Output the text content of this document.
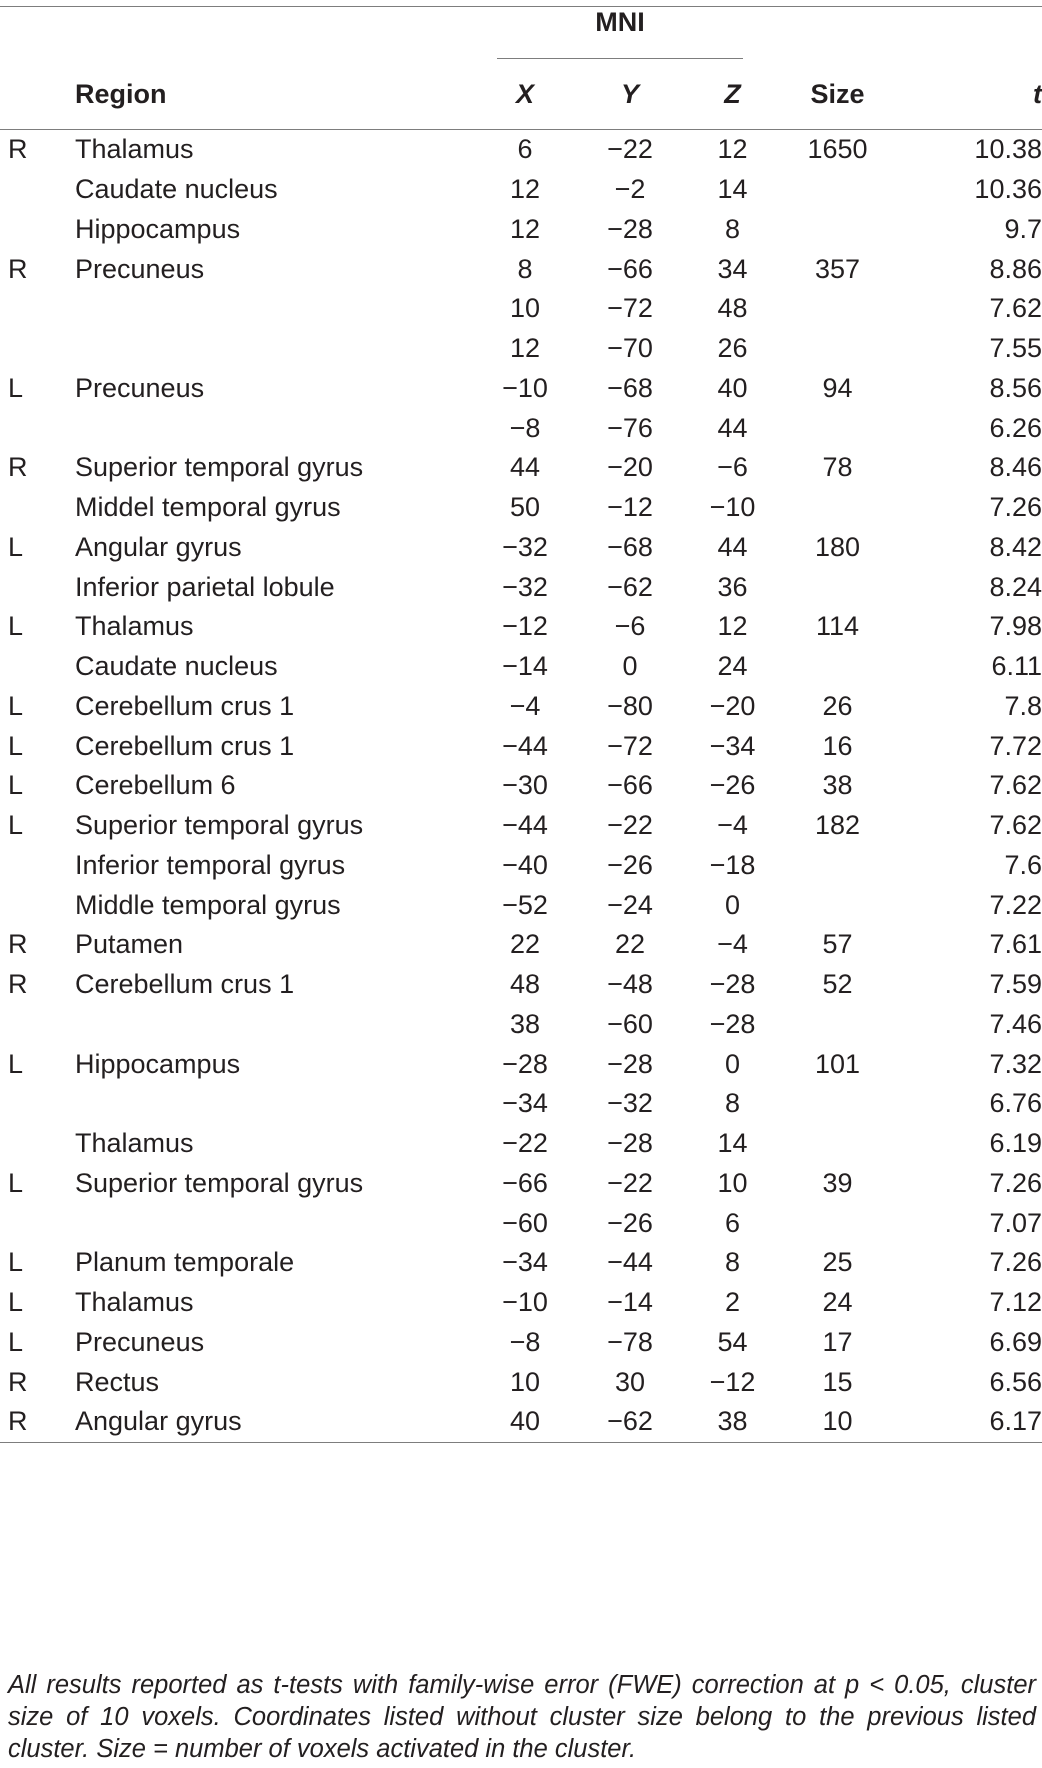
		MNI				

	Region	X	Y	Z	Size	t
R	Thalamus	6	−22	12	1650	10.38
	Caudate nucleus	12	−2	14		10.36
	Hippocampus	12	−28	8		9.7
R	Precuneus	8	−66	34	357	8.86
		10	−72	48		7.62
		12	−70	26		7.55
L	Precuneus	−10	−68	40	94	8.56
		−8	−76	44		6.26
R	Superior temporal gyrus	44	−20	−6	78	8.46
	Middel temporal gyrus	50	−12	−10		7.26
L	Angular gyrus	−32	−68	44	180	8.42
	Inferior parietal lobule	−32	−62	36		8.24
L	Thalamus	−12	−6	12	114	7.98
	Caudate nucleus	−14	0	24		6.11
L	Cerebellum crus 1	−4	−80	−20	26	7.8
L	Cerebellum crus 1	−44	−72	−34	16	7.72
L	Cerebellum 6	−30	−66	−26	38	7.62
L	Superior temporal gyrus	−44	−22	−4	182	7.62
	Inferior temporal gyrus	−40	−26	−18		7.6
	Middle temporal gyrus	−52	−24	0		7.22
R	Putamen	22	22	−4	57	7.61
R	Cerebellum crus 1	48	−48	−28	52	7.59
		38	−60	−28		7.46
L	Hippocampus	−28	−28	0	101	7.32
		−34	−32	8		6.76
	Thalamus	−22	−28	14		6.19
L	Superior temporal gyrus	−66	−22	10	39	7.26
		−60	−26	6		7.07
L	Planum temporale	−34	−44	8	25	7.26
L	Thalamus	−10	−14	2	24	7.12
L	Precuneus	−8	−78	54	17	6.69
R	Rectus	10	30	−12	15	6.56
R	Angular gyrus	40	−62	38	10	6.17
All results reported as t-tests with family-wise error (FWE) correction at p < 0.05, cluster size of 10 voxels. Coordinates listed without cluster size belong to the previous listed cluster. Size = number of voxels activated in the cluster.
